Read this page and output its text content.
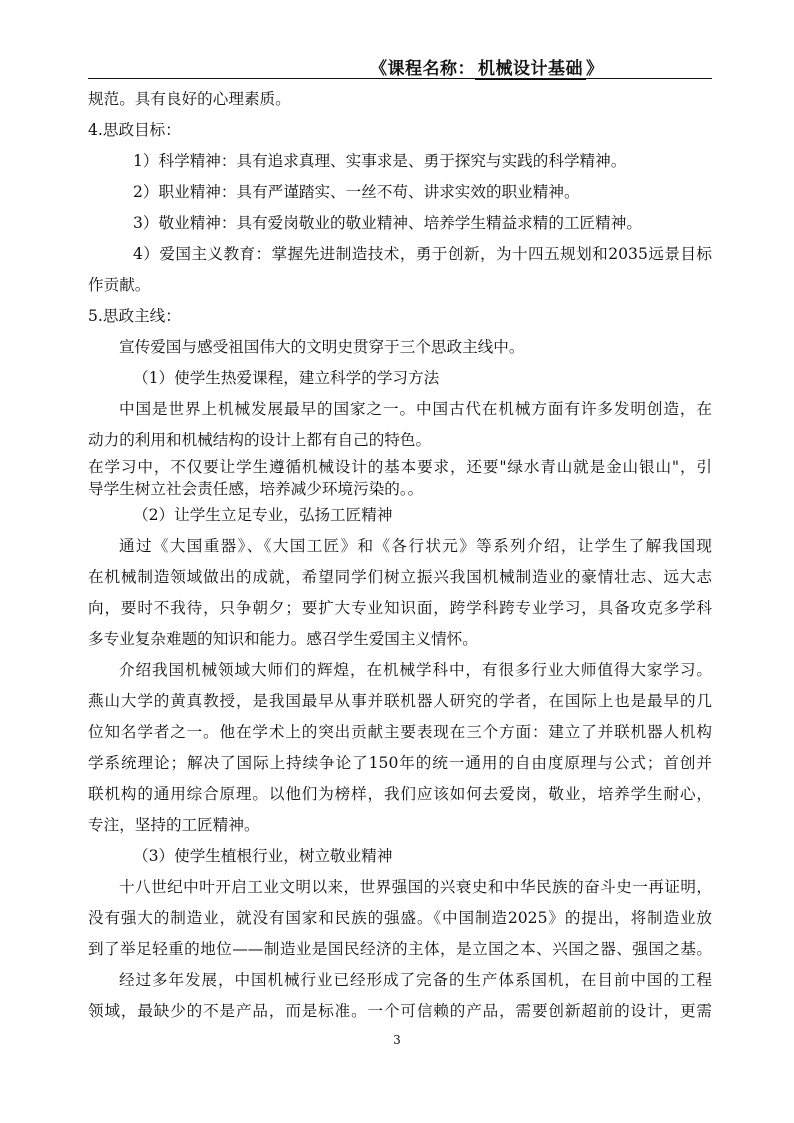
《课程名称： 机械设计基础 》
规范。具有良好的心理素质。
4.思政目标：
1）科学精神：具有追求真理、实事求是、勇于探究与实践的科学精神。
2）职业精神：具有严谨踏实、一丝不苟、讲求实效的职业精神。
3）敬业精神：具有爱岗敬业的敬业精神、培养学生精益求精的工匠精神。
4）爱国主义教育：掌握先进制造技术，勇于创新，为十四五规划和2035远景目标
作贡献。
5.思政主线：
宣传爱国与感受祖国伟大的文明史贯穿于三个思政主线中。
（1）使学生热爱课程，建立科学的学习方法
中国是世界上机械发展最早的国家之一。中国古代在机械方面有许多发明创造，在
动力的利用和机械结构的设计上都有自己的特色。
在学习中，不仅要让学生遵循机械设计的基本要求，还要"绿水青山就是金山银山"，引
导学生树立社会责任感，培养减少环境污染的。。
（2）让学生立足专业，弘扬工匠精神
通过《大国重器》、《大国工匠》和《各行状元》等系列介绍，让学生了解我国现
在机械制造领域做出的成就，希望同学们树立振兴我国机械制造业的豪情壮志、远大志
向，要时不我待，只争朝夕；要扩大专业知识面，跨学科跨专业学习，具备攻克多学科
多专业复杂难题的知识和能力。感召学生爱国主义情怀。
介绍我国机械领域大师们的辉煌，在机械学科中，有很多行业大师值得大家学习。
燕山大学的黄真教授，是我国最早从事并联机器人研究的学者，在国际上也是最早的几
位知名学者之一。他在学术上的突出贡献主要表现在三个方面：建立了并联机器人机构
学系统理论；解决了国际上持续争论了150年的统一通用的自由度原理与公式；首创并
联机构的通用综合原理。以他们为榜样，我们应该如何去爱岗，敬业，培养学生耐心，
专注，坚持的工匠精神。
（3）使学生植根行业，树立敬业精神
十八世纪中叶开启工业文明以来，世界强国的兴衰史和中华民族的奋斗史一再证明，
没有强大的制造业，就没有国家和民族的强盛。《中国制造2025》的提出，将制造业放
到了举足轻重的地位——制造业是国民经济的主体，是立国之本、兴国之器、强国之基。
经过多年发展，中国机械行业已经形成了完备的生产体系国机，在目前中国的工程
领域，最缺少的不是产品，而是标准。一个可信赖的产品，需要创新超前的设计，更需
3
